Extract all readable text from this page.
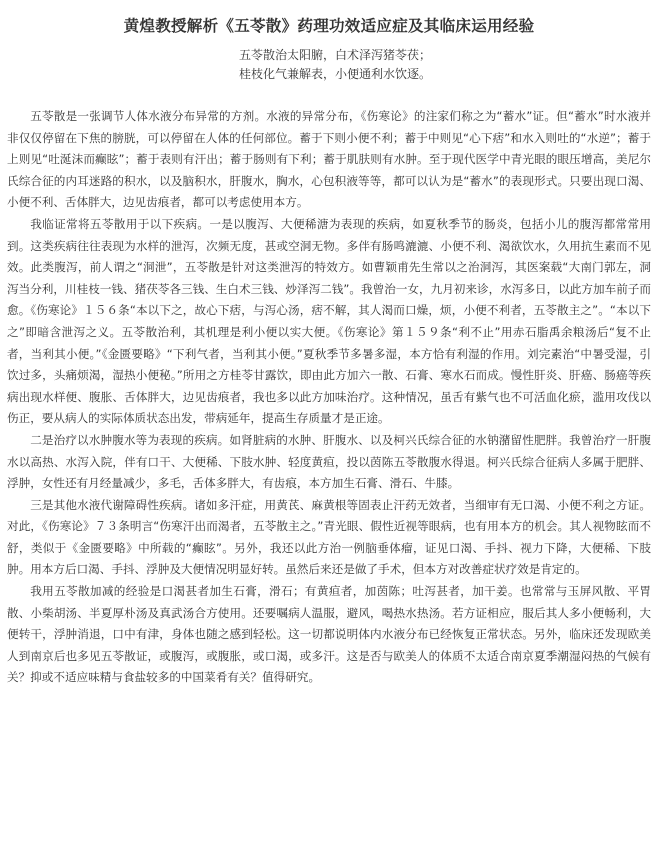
黄煌教授解析《五苓散》药理功效适应症及其临床运用经验
五苓散治太阳腑，白术泽泻猪苓茯；
桂枝化气兼解表，小便通利水饮逐。

五苓散是一张调节人体水液分布异常的方剂。水液的异常分布，《伤寒论》的注家们称之为“蓄水”证。但“蓄水”时水液并非仅仅停留在下焦的膀胱，可以停留在人体的任何部位。蓄于下则小便不利；蓄于中则见“心下痞”和水入则吐的“水逆”；蓄于上则见“吐涎沫而癫眩”；蓄于表则有汗出；蓄于肠则有下利；蓄于肌肤则有水肿。至于现代医学中青光眼的眼压增高，美尼尔氏综合征的内耳迷路的积水，以及脑积水，肝腹水，胸水，心包积液等等，都可以认为是“蓄水”的表现形式。只要出现口渴、小便不利、舌体胖大，边见齿痕者，都可以考虑使用本方。

我临证常将五苓散用于以下疾病。一是以腹泻、大便稀溏为表现的疾病，如夏秋季节的肠炎，包括小儿的腹泻都常常用到。这类疾病往往表现为水样的泄泻，次频无度，甚或空洞无物。多伴有肠鸣漉漉、小便不利、渴欲饮水，久用抗生素而不见效。此类腹泻，前人谓之“洞泄”，五苓散是针对这类泄泻的特效方。如曹颖甫先生常以之治洞泻，其医案载“大南门郭左，洞泻当分利，川桂枝一钱、猪茯苓各三钱、生白术三钱、炒泽泻二钱”。我曾治一女，九月初来诊，水泻多日，以此方加车前子而愈。《伤寒论》１５６条“本以下之，故心下痞，与泻心汤，痞不解，其人渴而口燥，烦，小便不利者，五苓散主之”。“本以下之”即暗含泄泻之义。五苓散治利，其机理是利小便以实大便。《伤寒论》第１５９条“利不止”用赤石脂禹余粮汤后“复不止者，当利其小便。”《金匮要略》“下利气者，当利其小便。”夏秋季节多暑多湿，本方恰有利湿的作用。刘完素治“中暑受湿，引饮过多，头痛烦渴，湿热小便秘。”所用之方桂苓甘露饮，即由此方加六一散、石膏、寒水石而成。慢性肝炎、肝癌、肠癌等疾病出现水样便、腹胀、舌体胖大，边见齿痕者，我也多以此方加味治疗。这种情况，虽舌有紫气也不可活血化瘀，滥用攻伐以伤正，要从病人的实际体质状态出发，带病延年，提高生存质量才是正途。

二是治疗以水肿腹水等为表现的疾病。如肾脏病的水肿、肝腹水、以及柯兴氏综合征的水钠潴留性肥胖。我曾治疗一肝腹水以高热、水泻入院，伴有口干、大便稀、下肢水肿、轻度黄疸，投以茵陈五苓散腹水得退。柯兴氏综合征病人多属于肥胖、浮肿，女性还有月经量减少，多毛，舌体多胖大，有齿痕，本方加生石膏、滑石、牛膝。

三是其他水液代谢障碍性疾病。诸如多汗症，用黄芪、麻黄根等固表止汗药无效者，当细审有无口渴、小便不利之方证。对此，《伤寒论》７３条明言“伤寒汗出而渴者，五苓散主之。”青光眼、假性近视等眼病，也有用本方的机会。其人视物眩而不舒，类似于《金匮要略》中所载的“癫眩”。另外，我还以此方治一例脑垂体瘤，证见口渴、手抖、视力下降，大便稀、下肢肿。用本方后口渴、手抖、浮肿及大便情况明显好转。虽然后来还是做了手术，但本方对改善症状疗效是肯定的。

我用五苓散加减的经验是口渴甚者加生石膏，滑石；有黄疸者，加茵陈；吐泻甚者，加干姜。也常常与玉屏风散、平胃散、小柴胡汤、半夏厚朴汤及真武汤合方使用。还要嘱病人温服，避风，喝热水热汤。若方证相应，服后其人多小便畅利，大便转干，浮肿消退，口中有津，身体也随之感到轻松。这一切都说明体内水液分布已经恢复正常状态。另外，临床还发现欧美人到南京后也多见五苓散证，或腹泻，或腹胀，或口渴，或多汗。这是否与欧美人的体质不太适合南京夏季潮湿闷热的气候有关？抑或不适应味精与食盐较多的中国菜肴有关？值得研究。
